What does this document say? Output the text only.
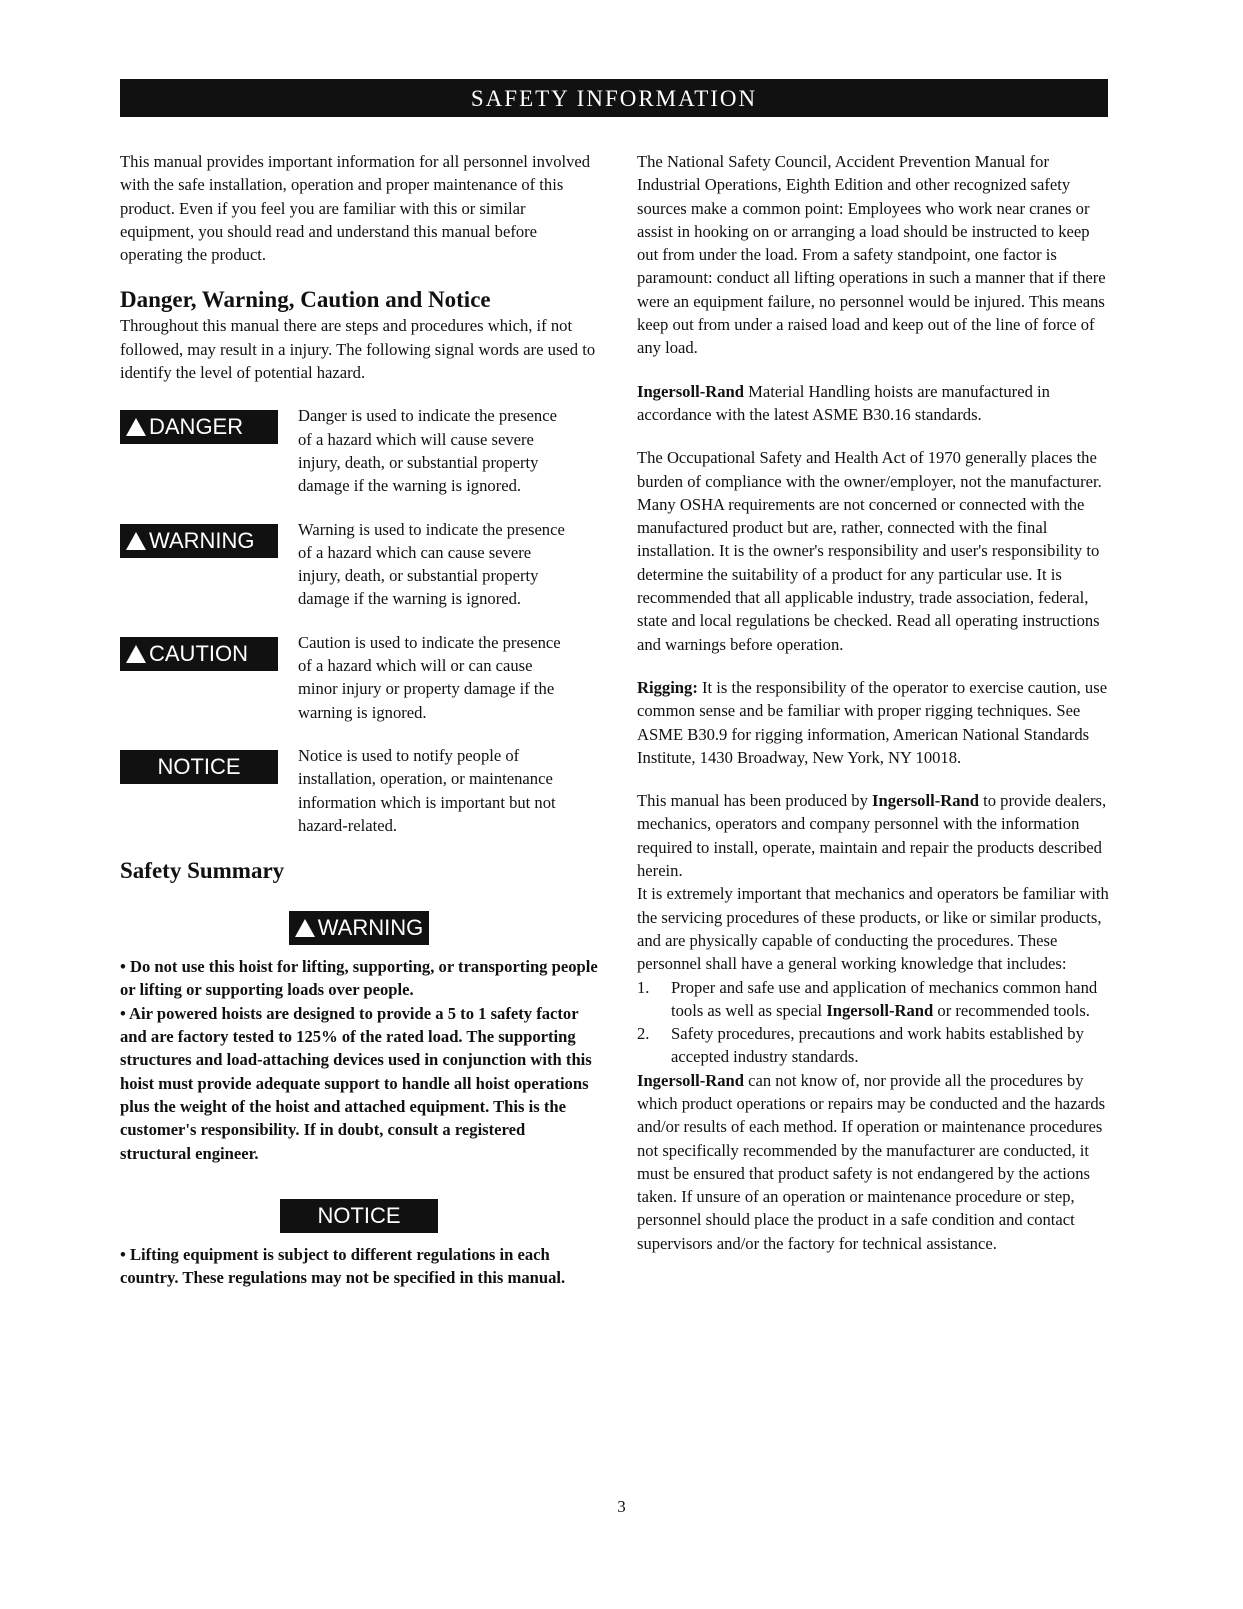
SAFETY INFORMATION

This manual provides important information for all personnel involved with the safe installation, operation and proper maintenance of this product. Even if you feel you are familiar with this or similar equipment, you should read and understand this manual before operating the product.

Danger, Warning, Caution and Notice

Throughout this manual there are steps and procedures which, if not followed, may result in a injury. The following signal words are used to identify the level of potential hazard.

DANGER	Danger is used to indicate the presence of a hazard which will cause severe injury, death, or substantial property damage if the warning is ignored.

WARNING	Warning is used to indicate the presence of a hazard which can cause severe injury, death, or substantial property damage if the warning is ignored.

CAUTION	Caution is used to indicate the presence of a hazard which will or can cause minor injury or property damage if the warning is ignored.

NOTICE	Notice is used to notify people of installation, operation, or maintenance information which is important but not hazard-related.

Safety Summary
WARNING

• Do not use this hoist for lifting, supporting, or transporting people or lifting or supporting loads over people.

• Air powered hoists are designed to provide a 5 to 1 safety factor and are factory tested to 125% of the rated load. The supporting structures and load-attaching devices used in conjunction with this hoist must provide adequate support to handle all hoist operations plus the weight of the hoist and attached equipment. This is the customer's responsibility. If in doubt, consult a registered structural engineer.

NOTICE

• Lifting equipment is subject to different regulations in each country. These regulations may not be specified in this manual.

The National Safety Council, Accident Prevention Manual for Industrial Operations, Eighth Edition and other recognized safety sources make a common point: Employees who work near cranes or assist in hooking on or arranging a load should be instructed to keep out from under the load. From a safety standpoint, one factor is paramount: conduct all lifting operations in such a manner that if there were an equipment failure, no personnel would be injured. This means keep out from under a raised load and keep out of the line of force of any load.

Ingersoll-Rand Material Handling hoists are manufactured in accordance with the latest ASME B30.16 standards.

The Occupational Safety and Health Act of 1970 generally places the burden of compliance with the owner/employer, not the manufacturer. Many OSHA requirements are not concerned or connected with the manufactured product but are, rather, connected with the final installation. It is the owner's responsibility and user's responsibility to determine the suitability of a product for any particular use. It is recommended that all applicable industry, trade association, federal, state and local regulations be checked. Read all operating instructions and warnings before operation.

Rigging: It is the responsibility of the operator to exercise caution, use common sense and be familiar with proper rigging techniques. See ASME B30.9 for rigging information, American National Standards Institute, 1430 Broadway, New York, NY 10018.

This manual has been produced by Ingersoll-Rand to provide dealers, mechanics, operators and company personnel with the information required to install, operate, maintain and repair the products described herein.

It is extremely important that mechanics and operators be familiar with the servicing procedures of these products, or like or similar products, and are physically capable of conducting the procedures. These personnel shall have a general working knowledge that includes:

1.	Proper and safe use and application of mechanics common hand tools as well as special Ingersoll-Rand or recommended tools.
2.	Safety procedures, precautions and work habits established by accepted industry standards.

Ingersoll-Rand can not know of, nor provide all the procedures by which product operations or repairs may be conducted and the hazards and/or results of each method. If operation or maintenance procedures not specifically recommended by the manufacturer are conducted, it must be ensured that product safety is not endangered by the actions taken. If unsure of an operation or maintenance procedure or step, personnel should place the product in a safe condition and contact supervisors and/or the factory for technical assistance.

3
